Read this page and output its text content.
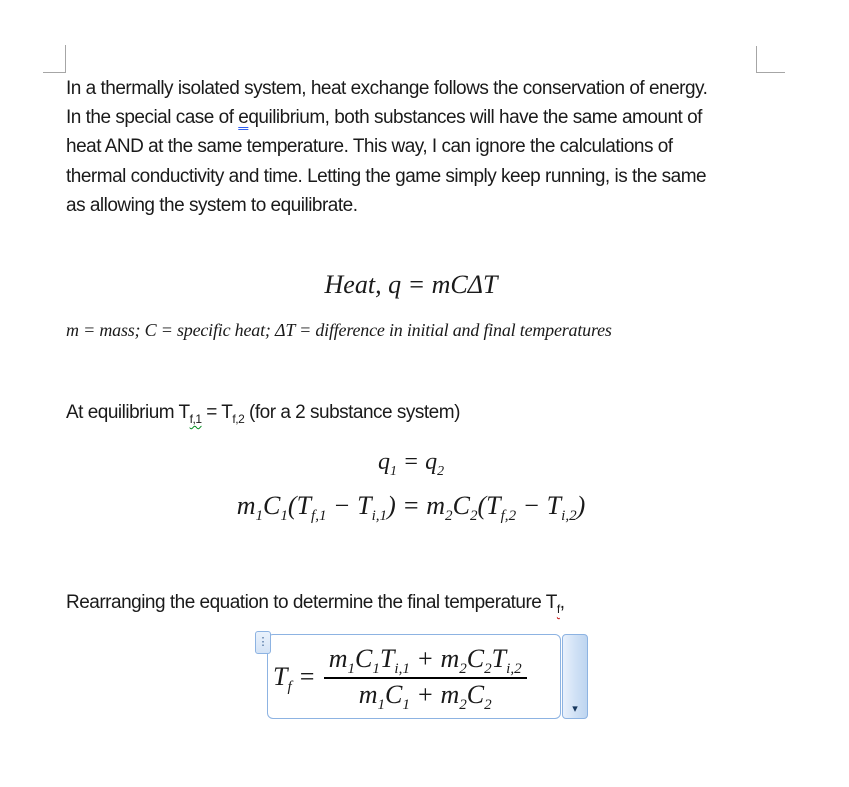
In a thermally isolated system, heat exchange follows the conservation of energy.
In the special case of equilibrium, both substances will have the same amount of
heat AND at the same temperature. This way, I can ignore the calculations of
thermal conductivity and time. Letting the game simply keep running, is the same
as allowing the system to equilibrate.
Heat, q = mCΔT
m = mass; C = specific heat; ΔT = difference in initial and final temperatures
At equilibrium $T_{f,1} = T_{f,2}$ (for a 2 substance system)
$q_1 = q_2$
$m_1C_1(T_{f,1} - T_{i,1}) = m_2C_2(T_{f,2} - T_{i,2})$
Rearranging the equation to determine the final temperature $T_f$,
⋮
$T_f = \frac{m_1C_1T_{i,1} + m_2C_2T_{i,2}}{m_1C_1 + m_2C_2}$	▾
